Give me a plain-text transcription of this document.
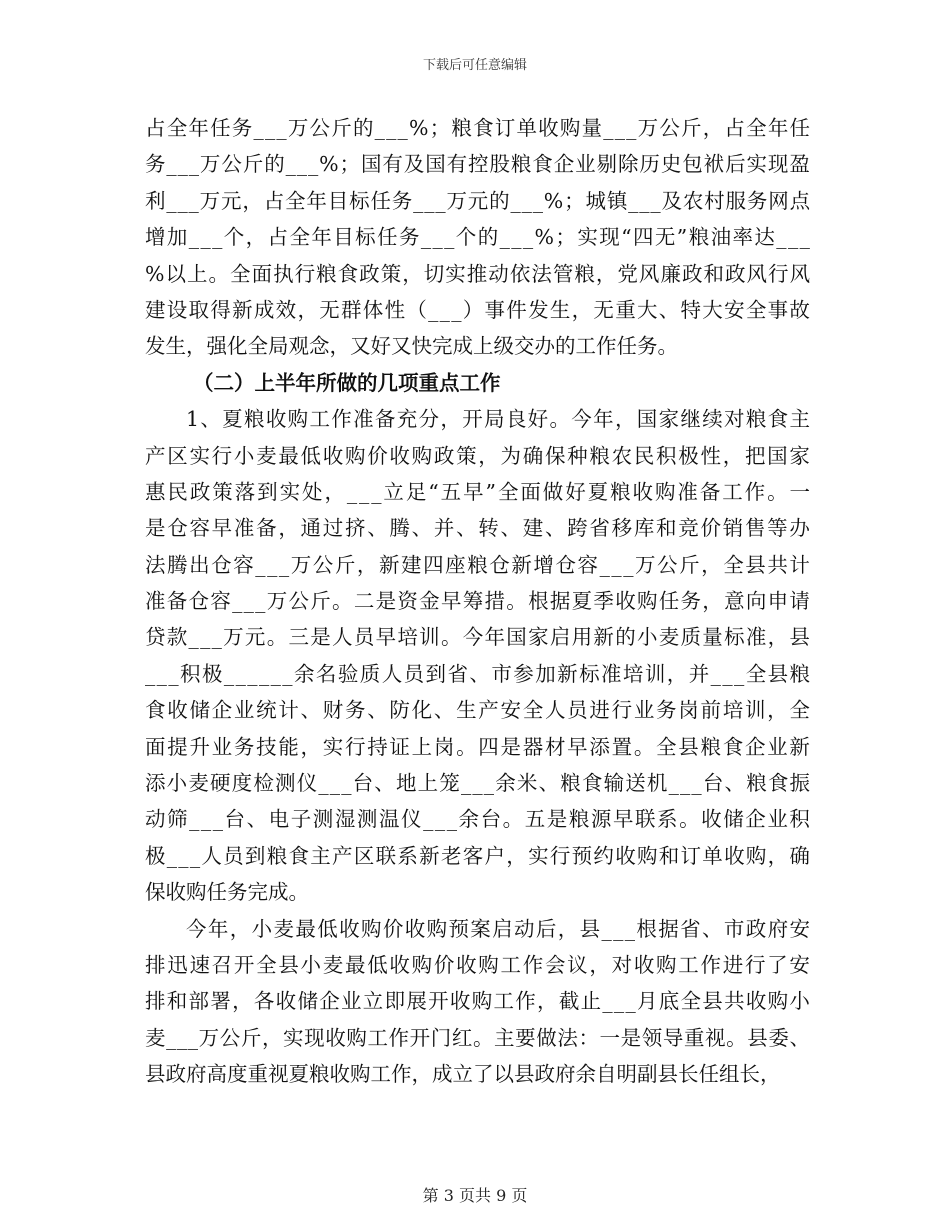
下载后可任意编辑
占全年任务___万公斤的___%；粮食订单收购量___万公斤，占全年任
务___万公斤的___%；国有及国有控股粮食企业剔除历史包袱后实现盈
利___万元，占全年目标任务___万元的___%；城镇___及农村服务网点
增加___个，占全年目标任务___个的___%；实现“四无”粮油率达___
%以上。全面执行粮食政策，切实推动依法管粮，党风廉政和政风行风
建设取得新成效，无群体性（___）事件发生，无重大、特大安全事故
发生，强化全局观念，又好又快完成上级交办的工作任务。
（二）上半年所做的几项重点工作
1、夏粮收购工作准备充分，开局良好。今年，国家继续对粮食主
产区实行小麦最低收购价收购政策，为确保种粮农民积极性，把国家
惠民政策落到实处，___立足“五早”全面做好夏粮收购准备工作。一
是仓容早准备，通过挤、腾、并、转、建、跨省移库和竞价销售等办
法腾出仓容___万公斤，新建四座粮仓新增仓容___万公斤，全县共计
准备仓容___万公斤。二是资金早筹措。根据夏季收购任务，意向申请
贷款___万元。三是人员早培训。今年国家启用新的小麦质量标准，县
___积极______余名验质人员到省、市参加新标准培训，并___全县粮
食收储企业统计、财务、防化、生产安全人员进行业务岗前培训，全
面提升业务技能，实行持证上岗。四是器材早添置。全县粮食企业新
添小麦硬度检测仪___台、地上笼___余米、粮食输送机___台、粮食振
动筛___台、电子测湿测温仪___余台。五是粮源早联系。收储企业积
极___人员到粮食主产区联系新老客户，实行预约收购和订单收购，确
保收购任务完成。
今年，小麦最低收购价收购预案启动后，县___根据省、市政府安
排迅速召开全县小麦最低收购价收购工作会议，对收购工作进行了安
排和部署，各收储企业立即展开收购工作，截止___月底全县共收购小
麦___万公斤，实现收购工作开门红。主要做法：一是领导重视。县委、
县政府高度重视夏粮收购工作，成立了以县政府余自明副县长任组长，
第 3 页共 9 页
